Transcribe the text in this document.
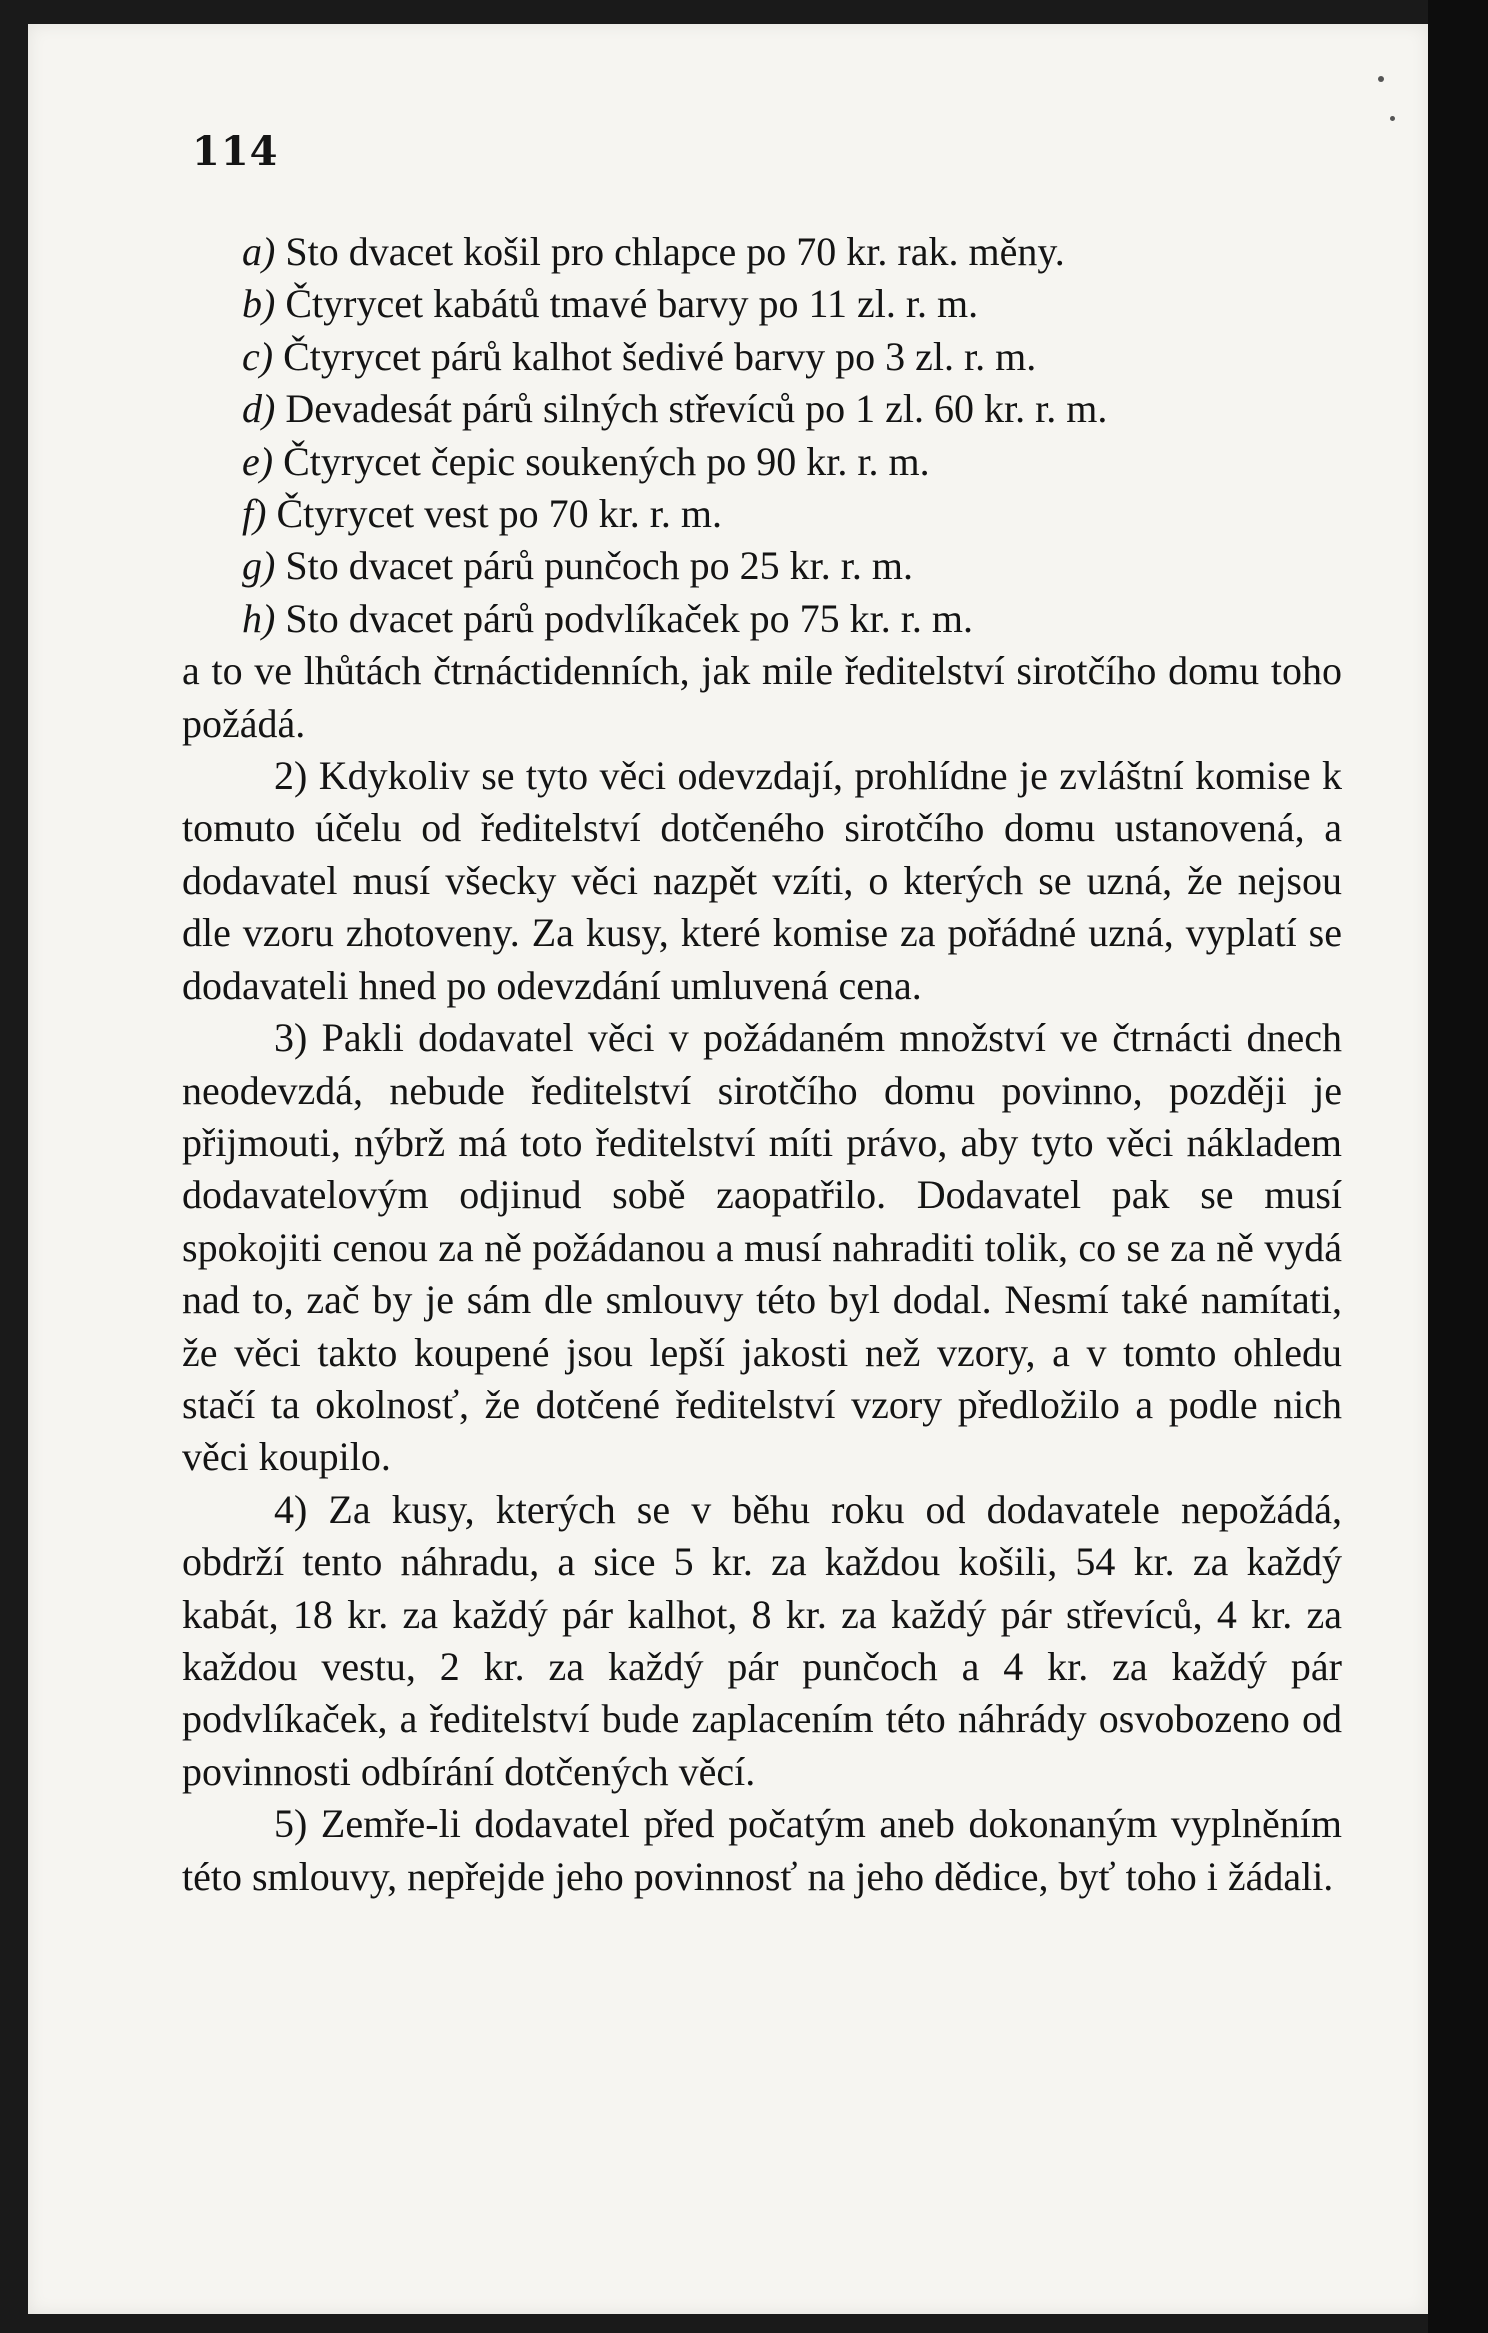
114
a) Sto dvacet košil pro chlapce po 70 kr. rak. měny.
b) Čtyrycet kabátů tmavé barvy po 11 zl. r. m.
c) Čtyrycet párů kalhot šedivé barvy po 3 zl. r. m.
d) Devadesát párů silných střevíců po 1 zl. 60 kr. r. m.
e) Čtyrycet čepic soukených po 90 kr. r. m.
f) Čtyrycet vest po 70 kr. r. m.
g) Sto dvacet párů punčoch po 25 kr. r. m.
h) Sto dvacet párů podvlíkaček po 75 kr. r. m.

a to ve lhůtách čtrnáctidenních, jak mile ředitelství sirotčího domu toho požádá.

2) Kdykoliv se tyto věci odevzdají, prohlídne je zvláštní komise k tomuto účelu od ředitelství dotčeného sirotčího domu ustanovená, a dodavatel musí všecky věci nazpět vzíti, o kterých se uzná, že nejsou dle vzoru zhotoveny. Za kusy, které komise za pořádné uzná, vyplatí se dodavateli hned po odevzdání umluvená cena.

3) Pakli dodavatel věci v požádaném množství ve čtrnácti dnech neodevzdá, nebude ředitelství sirotčího domu povinno, později je přijmouti, nýbrž má toto ředitelství míti právo, aby tyto věci nákladem dodavatelovým odjinud sobě zaopatřilo. Dodavatel pak se musí spokojiti cenou za ně požádanou a musí nahraditi tolik, co se za ně vydá nad to, zač by je sám dle smlouvy této byl dodal. Nesmí také namítati, že věci takto koupené jsou lepší jakosti než vzory, a v tomto ohledu stačí ta okolnosť, že dotčené ředitelství vzory předložilo a podle nich věci koupilo.

4) Za kusy, kterých se v běhu roku od dodavatele nepožádá, obdrží tento náhradu, a sice 5 kr. za každou košili, 54 kr. za každý kabát, 18 kr. za každý pár kalhot, 8 kr. za každý pár střevíců, 4 kr. za každou vestu, 2 kr. za každý pár punčoch a 4 kr. za každý pár podvlíkaček, a ředitelství bude zaplacením této náhrády osvobozeno od povinnosti odbírání dotčených věcí.

5) Zemře-li dodavatel před počatým aneb dokonaným vyplněním této smlouvy, nepřejde jeho povinnosť na jeho dědice, byť toho i žádali.
